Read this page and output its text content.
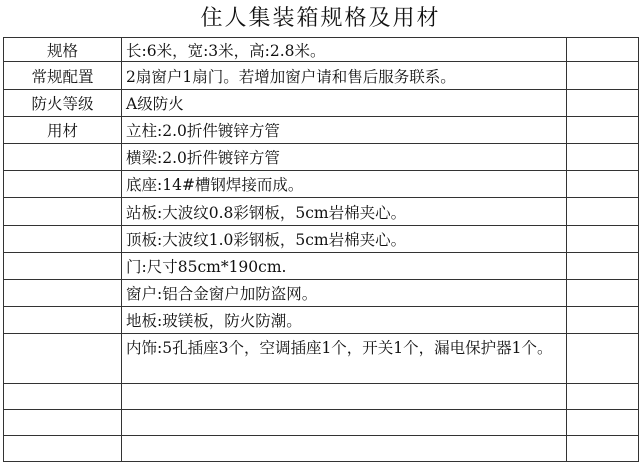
住人集装箱规格及用材
规格	长:6米，宽:3米，高:2.8米。	
常规配置	2扇窗户1扇门。若增加窗户请和售后服务联系。	
防火等级	A级防火	
用材	立柱:2.0折件镀锌方管	
	横梁:2.0折件镀锌方管	
	底座:14#槽钢焊接而成。	
	站板:大波纹0.8彩钢板，5cm岩棉夹心。	
	顶板:大波纹1.0彩钢板，5cm岩棉夹心。	
	门:尺寸85cm*190cm.	
	窗户:铝合金窗户加防盗网。	
	地板:玻镁板，防火防潮。	
	内饰:5孔插座3个，空调插座1个，开关1个，漏电保护器1个。	
